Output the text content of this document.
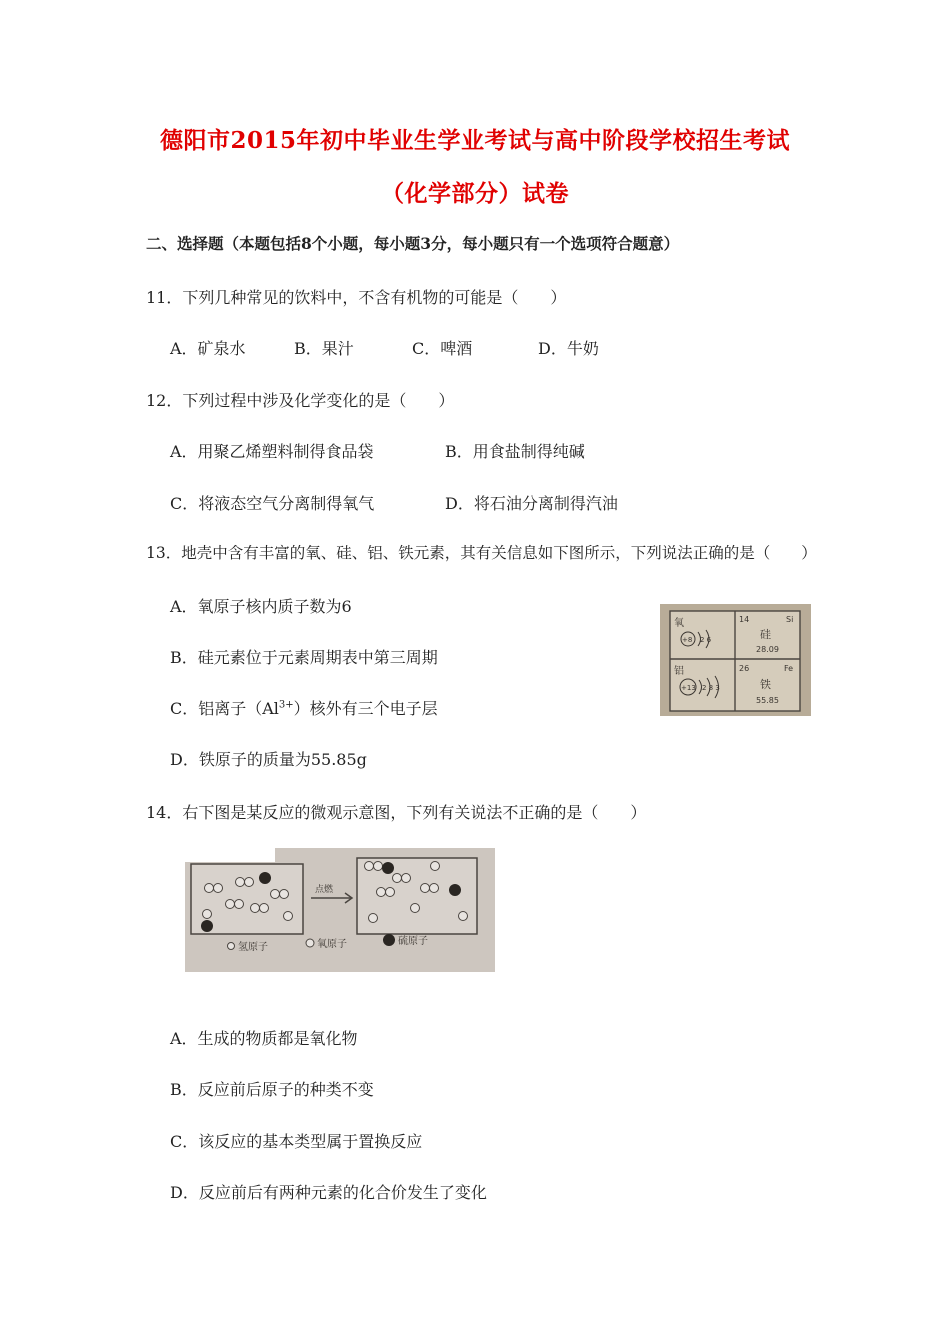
德阳市2015年初中毕业生学业考试与高中阶段学校招生考试
（化学部分）试卷
二、选择题（本题包括8个小题，每小题3分，每小题只有一个选项符合题意）
11．下列几种常见的饮料中，不含有机物的可能是（　　）
A．矿泉水	B．果汁	C．啤酒	D．牛奶
12．下列过程中涉及化学变化的是（　　）
A．用聚乙烯塑料制得食品袋	B．用食盐制得纯碱
C．将液态空气分离制得氧气	D．将石油分离制得汽油
13．地壳中含有丰富的氧、硅、铝、铁元素，其有关信息如下图所示，下列说法正确的是（　　）
A．氧原子核内质子数为6
B．硅元素位于元素周期表中第三周期
C．铝离子$(Al^{3+})$核外有三个电子层
D．铁原子的质量为55.85g
氧
+8 2 6
14	Si
硅
28.09
铝
+13 2 8 3
26	Fe
铁
55.85
14．右下图是某反应的微观示意图，下列有关说法不正确的是（　　）
点燃
氢原子	氧原子	硫原子
A．生成的物质都是氧化物
B．反应前后原子的种类不变
C．该反应的基本类型属于置换反应
D．反应前后有两种元素的化合价发生了变化
